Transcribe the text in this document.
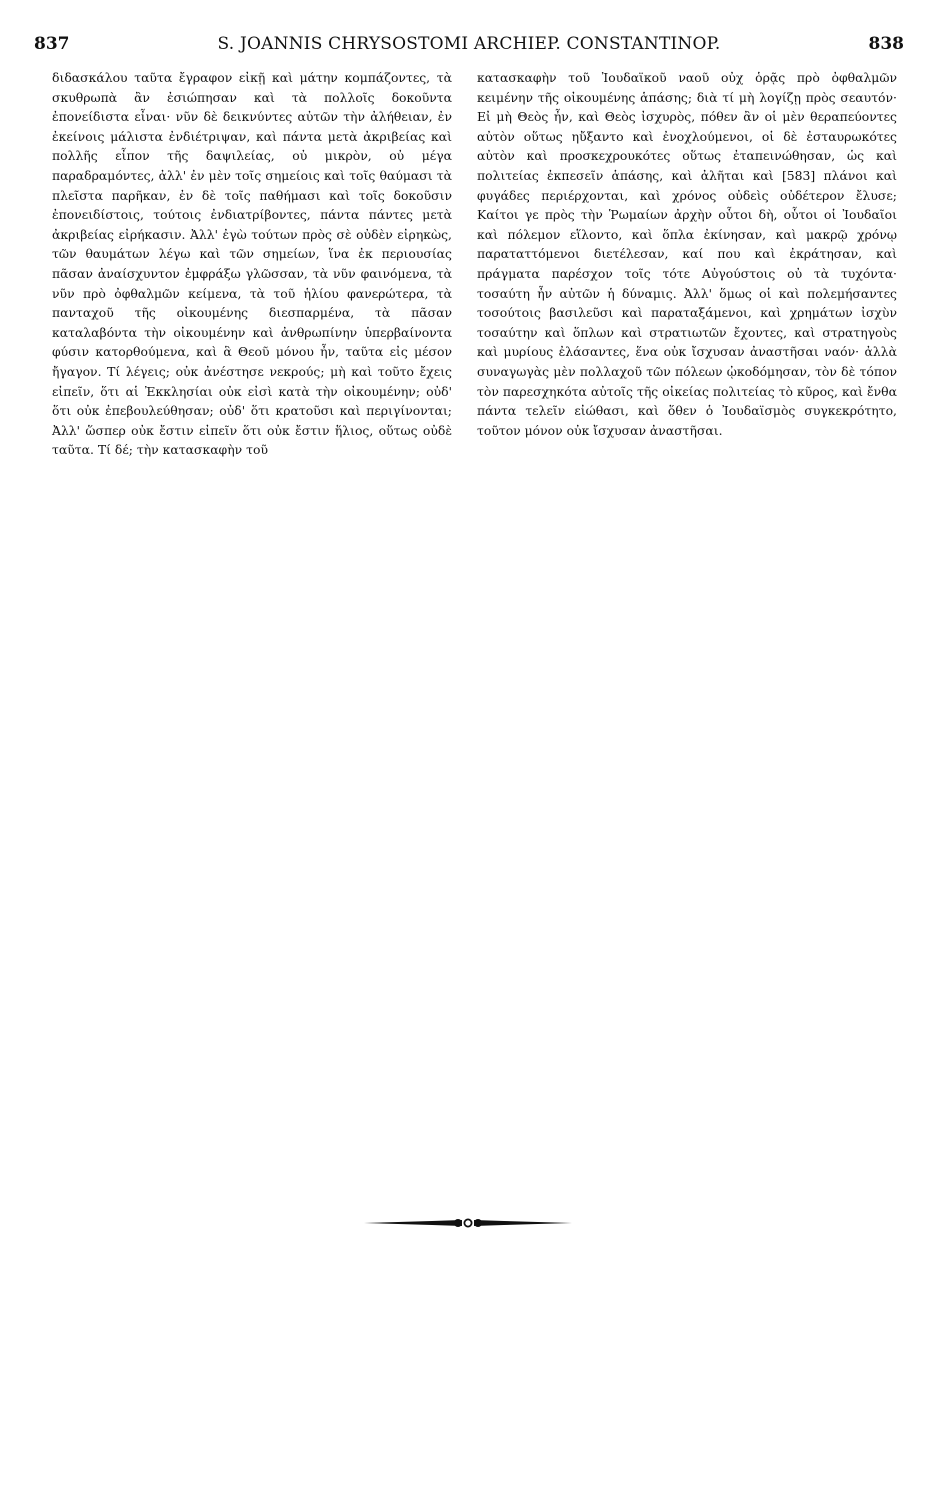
837	S. JOANNIS CHRYSOSTOMI ARCHIEP. CONSTANTINOP.	838

διδασκάλου ταῦτα ἔγραφον εἰκῇ καὶ μάτην κομπάζοντες, τὰ σκυθρωπὰ ἂν ἐσιώπησαν καὶ τὰ πολλοῖς δοκοῦντα ἐπονείδιστα εἶναι· νῦν δὲ δεικνύντες αὐτῶν τὴν ἀλήθειαν, ἐν ἐκείνοις μάλιστα ἐνδιέτριψαν, καὶ πάντα μετὰ ἀκριβείας καὶ πολλῆς εἶπον τῆς δαψιλείας, οὐ μικρὸν, οὐ μέγα παραδραμόντες, ἀλλ' ἐν μὲν τοῖς σημείοις καὶ τοῖς θαύμασι τὰ πλεῖστα παρῆκαν, ἐν δὲ τοῖς παθήμασι καὶ τοῖς δοκοῦσιν ἐπονειδίστοις, τούτοις ἐνδιατρίβοντες, πάντα πάντες μετὰ ἀκριβείας εἰρήκασιν. Ἀλλ' ἐγὼ τούτων πρὸς σὲ οὐδὲν εἰρηκὼς, τῶν θαυμάτων λέγω καὶ τῶν σημείων, ἵνα ἐκ περιουσίας πᾶσαν ἀναίσχυντον ἐμφράξω γλῶσσαν, τὰ νῦν φαινόμενα, τὰ νῦν πρὸ ὀφθαλμῶν κείμενα, τὰ τοῦ ἡλίου φανερώτερα, τὰ πανταχοῦ τῆς οἰκουμένης διεσπαρμένα, τὰ πᾶσαν καταλαβόντα τὴν οἰκουμένην καὶ ἀνθρωπίνην ὑπερβαίνοντα φύσιν κατορθούμενα, καὶ ἃ Θεοῦ μόνου ἦν, ταῦτα εἰς μέσον ἤγαγον. Τί λέγεις; οὐκ ἀνέστησε νεκρούς; μὴ καὶ τοῦτο ἔχεις εἰπεῖν, ὅτι αἱ Ἐκκλησίαι οὐκ εἰσὶ κατὰ τὴν οἰκουμένην; οὐδ' ὅτι οὐκ ἐπεβουλεύθησαν; οὐδ' ὅτι κρατοῦσι καὶ περιγίνονται; Ἀλλ' ὥσπερ οὐκ ἔστιν εἰπεῖν ὅτι οὐκ ἔστιν ἥλιος, οὕτως οὐδὲ ταῦτα. Τί δέ; τὴν κατασκαφὴν τοῦ

κατασκαφὴν τοῦ Ἰουδαϊκοῦ ναοῦ οὐχ ὁρᾷς πρὸ ὀφθαλμῶν κειμένην τῆς οἰκουμένης ἁπάσης; διὰ τί μὴ λογίζῃ πρὸς σεαυτόν· Εἰ μὴ Θεὸς ἦν, καὶ Θεὸς ἰσχυρὸς, πόθεν ἂν οἱ μὲν θεραπεύοντες αὐτὸν οὕτως ηὔξαντο καὶ ἐνοχλούμενοι, οἱ δὲ ἐσταυρωκότες αὐτὸν καὶ προσκεχρουκότες οὕτως ἐταπεινώθησαν, ὡς καὶ πολιτείας ἐκπεσεῖν ἁπάσης, καὶ ἀλῆται καὶ [583] πλάνοι καὶ φυγάδες περιέρχονται, καὶ χρόνος οὐδεὶς οὐδέτερον ἔλυσε; Καίτοι γε πρὸς τὴν Ῥωμαίων ἀρχὴν οὗτοι δὴ, οὗτοι οἱ Ἰουδαῖοι καὶ πόλεμον εἵλοντο, καὶ ὅπλα ἐκίνησαν, καὶ μακρῷ χρόνῳ παραταττόμενοι διετέλεσαν, καί που καὶ ἐκράτησαν, καὶ πράγματα παρέσχον τοῖς τότε Αὐγούστοις οὐ τὰ τυχόντα· τοσαύτη ἦν αὐτῶν ἡ δύναμις. Ἀλλ' ὅμως οἱ καὶ πολεμήσαντες τοσούτοις βασιλεῦσι καὶ παραταξάμενοι, καὶ χρημάτων ἰσχὺν τοσαύτην καὶ ὅπλων καὶ στρατιωτῶν ἔχοντες, καὶ στρατηγοὺς καὶ μυρίους ἐλάσαντες, ἕνα οὐκ ἴσχυσαν ἀναστῆσαι ναόν· ἀλλὰ συναγωγὰς μὲν πολλαχοῦ τῶν πόλεων ᾠκοδόμησαν, τὸν δὲ τόπον τὸν παρεσχηκότα αὐτοῖς τῆς οἰκείας πολιτείας τὸ κῦρος, καὶ ἔνθα πάντα τελεῖν εἰώθασι, καὶ ὅθεν ὁ Ἰουδαϊσμὸς συγκεκρότητο, τοῦτον μόνον οὐκ ἴσχυσαν ἀναστῆσαι.
